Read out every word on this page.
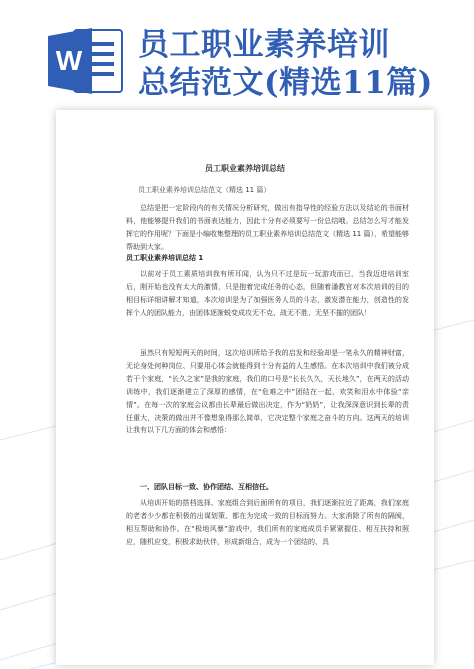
W 员工职业素养培训
总结范文(精选11篇)
员工职业素养培训总结
员工职业素养培训总结范文（精选 11 篇）
总结是把一定阶段内的有关情况分析研究，做出有指导性的经验方法以及结论的书面材料，他能够提升我们的书面表达能力，因此十分有必须要写一份总结哦。总结怎么写才能发挥它的作用呢？下面是小编收集整理的员工职业素养培训总结范文（精选 11 篇），希望能够帮助到大家。
员工职业素养培训总结 1
以前对于员工素质培训我有所耳闻，认为只不过是玩一玩游戏而已，当我迈进培训室后，刚开始也没有太大的激情，只是抱着完成任务的心态，但随着潘教官对本次培训的目的相目标详细讲解才知道，本次培训是为了加强医务人员的斗志，激发潜在能力，创造性的发挥个人的团队能力，由团体逐渐蜕变成攻无不克、战无不胜、无坚不摧的团队！
虽然只有短短两天的时间，这次培训所给予我的启发和经验却是一笔永久的精神财富，无论身处何种岗位、只要用心体会就能得到十分有益的人生感悟。在本次培训中我们被分成若干个家庭，“长久之家”是我的家庭，我们的口号是“长长久久，天长地久”，在两天的活动训练中，我们逐渐建立了深厚的感情，在“危难之中”团结在一起，欢笑和泪水中体验“亲情”。在每一次的家庭会议都由长辈最后做出决定，作为“奶奶”，让我深深意识到长辈的责任重大，决策的做出并不像想象得那么简单，它决定整个家庭之奋斗的方向。这两天的培训让我有以下几方面的体会和感悟：
一、团队目标一致、协作团结、互相信任。
从培训开始的搭档选择、家庭组合到后面所有的项目，我们逐渐拉近了距离，我们家庭的老者少少都在积极的出谋划策、都在为完成一致的目标而努力。大家消除了所有的隔阂，相互帮助和协作。在“极地风暴”游戏中，我们所有的家庭成员手紧紧握住、相互扶持和照应，随机应变，积极求助伙伴，形成新组合，成为一个团结的、具
